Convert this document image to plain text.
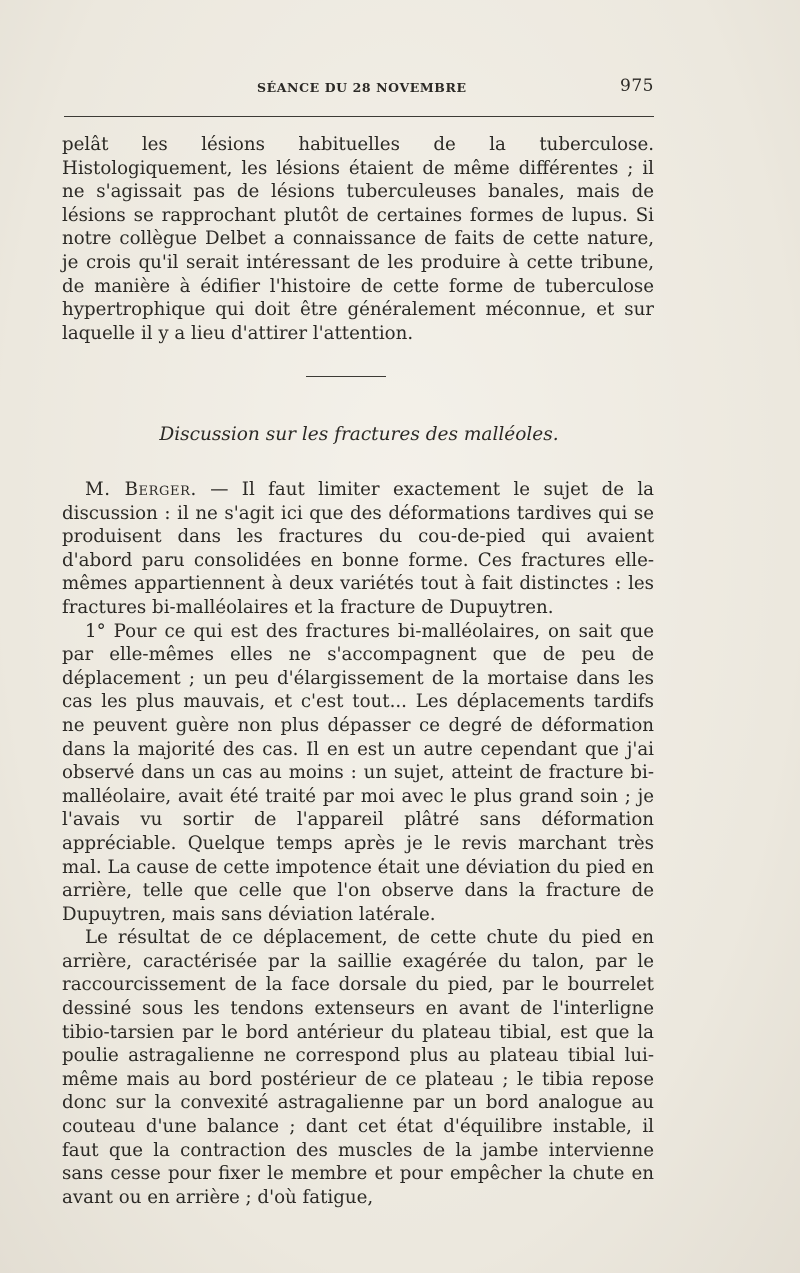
SÉANCE DU 28 NOVEMBRE	975
pelât les lésions habituelles de la tuberculose. Histologiquement, les lésions étaient de même différentes ; il ne s'agissait pas de lésions tuberculeuses banales, mais de lésions se rapprochant plutôt de certaines formes de lupus. Si notre collègue Delbet a connaissance de faits de cette nature, je crois qu'il serait intéressant de les produire à cette tribune, de manière à édifier l'histoire de cette forme de tuberculose hypertrophique qui doit être généralement méconnue, et sur laquelle il y a lieu d'attirer l'attention.
Discussion sur les fractures des malléoles.

M. Berger. — Il faut limiter exactement le sujet de la discussion : il ne s'agit ici que des déformations tardives qui se produisent dans les fractures du cou-de-pied qui avaient d'abord paru consolidées en bonne forme. Ces fractures elle-mêmes appartiennent à deux variétés tout à fait distinctes : les fractures bi-malléolaires et la fracture de Dupuytren.

1° Pour ce qui est des fractures bi-malléolaires, on sait que par elle-mêmes elles ne s'accompagnent que de peu de déplacement ; un peu d'élargissement de la mortaise dans les cas les plus mauvais, et c'est tout... Les déplacements tardifs ne peuvent guère non plus dépasser ce degré de déformation dans la majorité des cas. Il en est un autre cependant que j'ai observé dans un cas au moins : un sujet, atteint de fracture bi-malléolaire, avait été traité par moi avec le plus grand soin ; je l'avais vu sortir de l'appareil plâtré sans déformation appréciable. Quelque temps après je le revis marchant très mal. La cause de cette impotence était une déviation du pied en arrière, telle que celle que l'on observe dans la fracture de Dupuytren, mais sans déviation latérale.

Le résultat de ce déplacement, de cette chute du pied en arrière, caractérisée par la saillie exagérée du talon, par le raccourcissement de la face dorsale du pied, par le bourrelet dessiné sous les tendons extenseurs en avant de l'interligne tibio-tarsien par le bord antérieur du plateau tibial, est que la poulie astragalienne ne correspond plus au plateau tibial lui-même mais au bord postérieur de ce plateau ; le tibia repose donc sur la convexité astragalienne par un bord analogue au couteau d'une balance ; dant cet état d'équilibre instable, il faut que la contraction des muscles de la jambe intervienne sans cesse pour fixer le membre et pour empêcher la chute en avant ou en arrière ; d'où fatigue,
